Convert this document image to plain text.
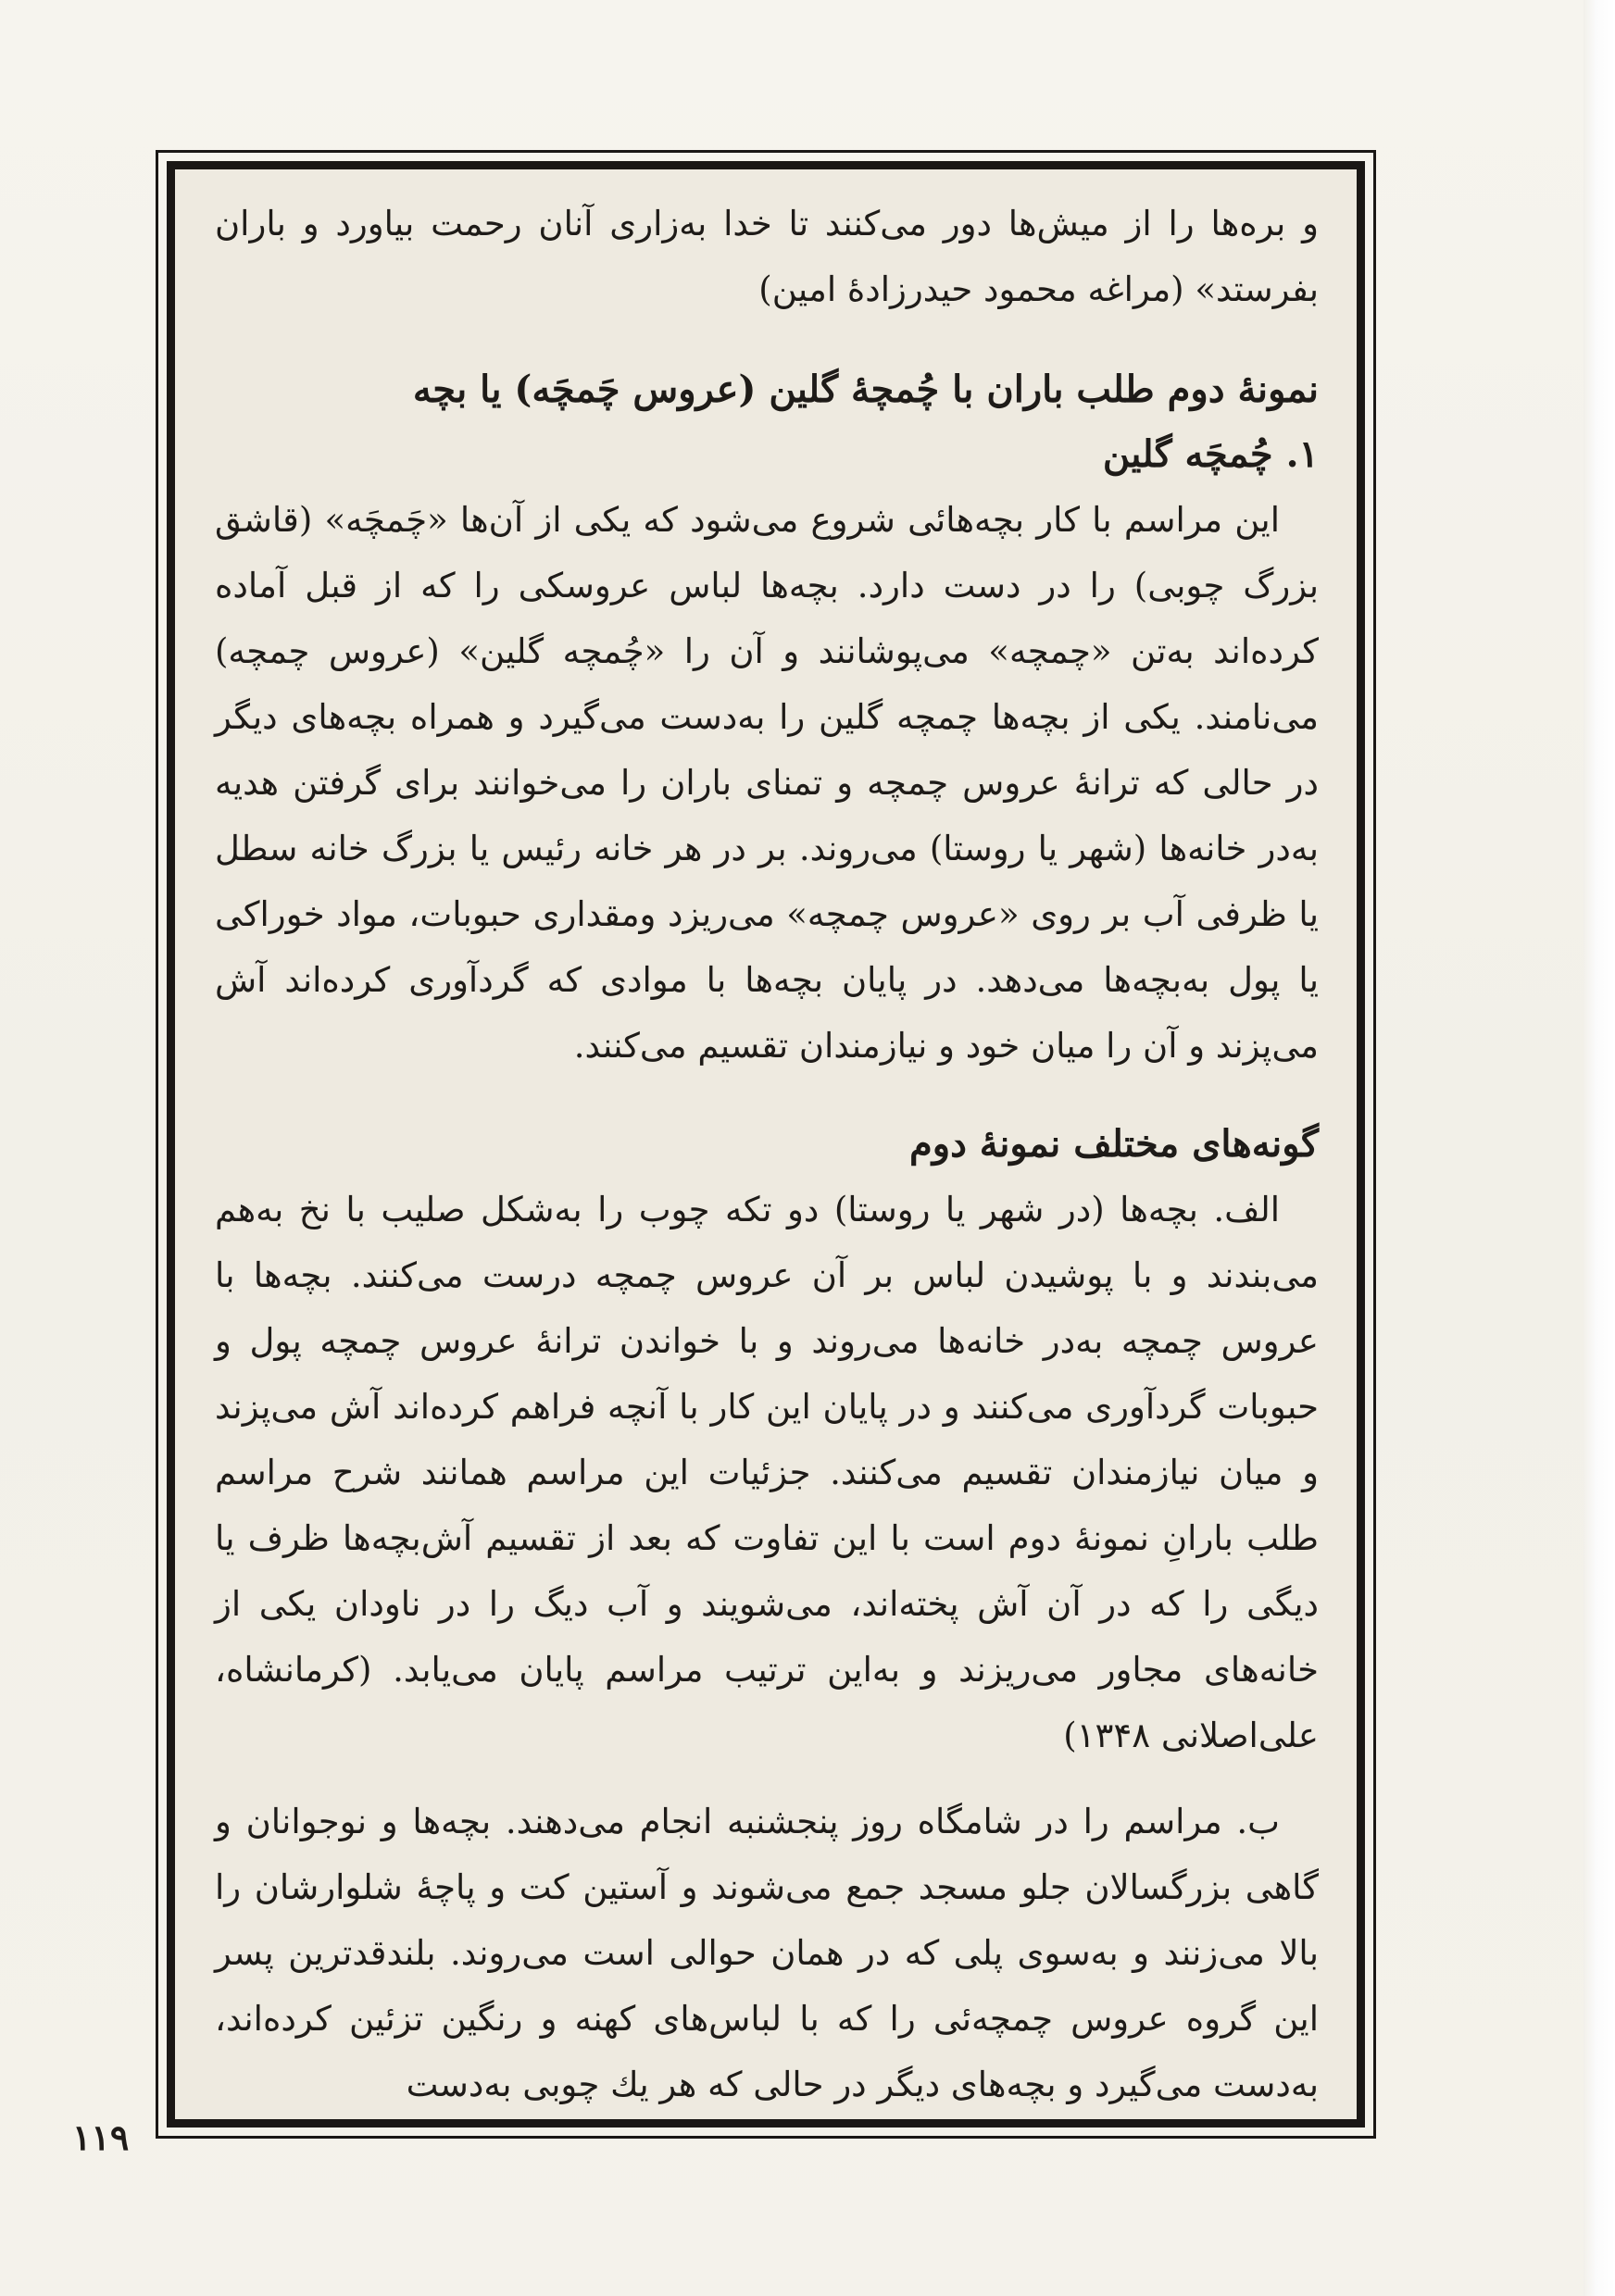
و بره‌ها را از میش‌ها دور می‌کنند تا خدا به‌زاری آنان رحمت بیاورد و باران بفرستد» (مراغه محمود حیدرزادهٔ امین)

نمونهٔ دوم طلب باران با چُمچهٔ گلین (عروس چَمچَه) یا بچه

۱. چُمچَه گلین

این مراسم با کار بچه‌هائی شروع می‌شود که یکی از آن‌ها «چَمچَه» (قاشق بزرگ چوبی) را در دست دارد. بچه‌ها لباس عروسکی را که از قبل آماده کرده‌اند به‌تن «چمچه» می‌پوشانند و آن را «چُمچه گلین» (عروس چمچه) می‌نامند. یکی از بچه‌ها چمچه گلین را به‌دست می‌گیرد و همراه بچه‌های دیگر در حالی که ترانهٔ عروس چمچه و تمنای باران را می‌خوانند برای گرفتن هدیه به‌در خانه‌ها (شهر یا روستا) می‌روند. بر در هر خانه رئیس یا بزرگ خانه سطل یا ظرفی آب بر روی «عروس چمچه» می‌ریزد ومقداری حبوبات، مواد خوراکی یا پول به‌بچه‌ها می‌دهد. در پایان بچه‌ها با موادی که گردآوری کرده‌اند آش می‌پزند و آن را میان خود و نیازمندان تقسیم می‌کنند.

گونه‌های مختلف نمونهٔ دوم

الف. بچه‌ها (در شهر یا روستا) دو تکه چوب را به‌شکل صلیب با نخ به‌هم می‌بندند و با پوشیدن لباس بر آن عروس چمچه درست می‌کنند. بچه‌ها با عروس چمچه به‌در خانه‌ها می‌روند و با خواندن ترانهٔ عروس چمچه پول و حبوبات گردآوری می‌کنند و در پایان این کار با آنچه فراهم کرده‌اند آش می‌پزند و میان نیازمندان تقسیم می‌کنند. جزئیات این مراسم همانند شرح مراسم طلب بارانِ نمونهٔ دوم است با این تفاوت که بعد از تقسیم آش‌بچه‌ها ظرف یا دیگی را که در آن آش پخته‌اند، می‌شویند و آب دیگ را در ناودان یکی از خانه‌های مجاور می‌ریزند و به‌این ترتیب مراسم پایان می‌یابد. (کرمانشاه، علی‌اصلانی ۱۳۴۸)

ب. مراسم را در شامگاه روز پنجشنبه انجام می‌دهند. بچه‌ها و نوجوانان و گاهی بزرگسالان جلو مسجد جمع می‌شوند و آستین کت و پاچهٔ شلوارشان را بالا می‌زنند و به‌سوی پلی که در همان حوالی است می‌روند. بلندقدترین پسر این گروه عروس چمچه‌ئی را که با لباس‌های کهنه و رنگین تزئین کرده‌اند، به‌دست می‌گیرد و بچه‌های دیگر در حالی که هر یك چوبی به‌دست

۱۱۹
